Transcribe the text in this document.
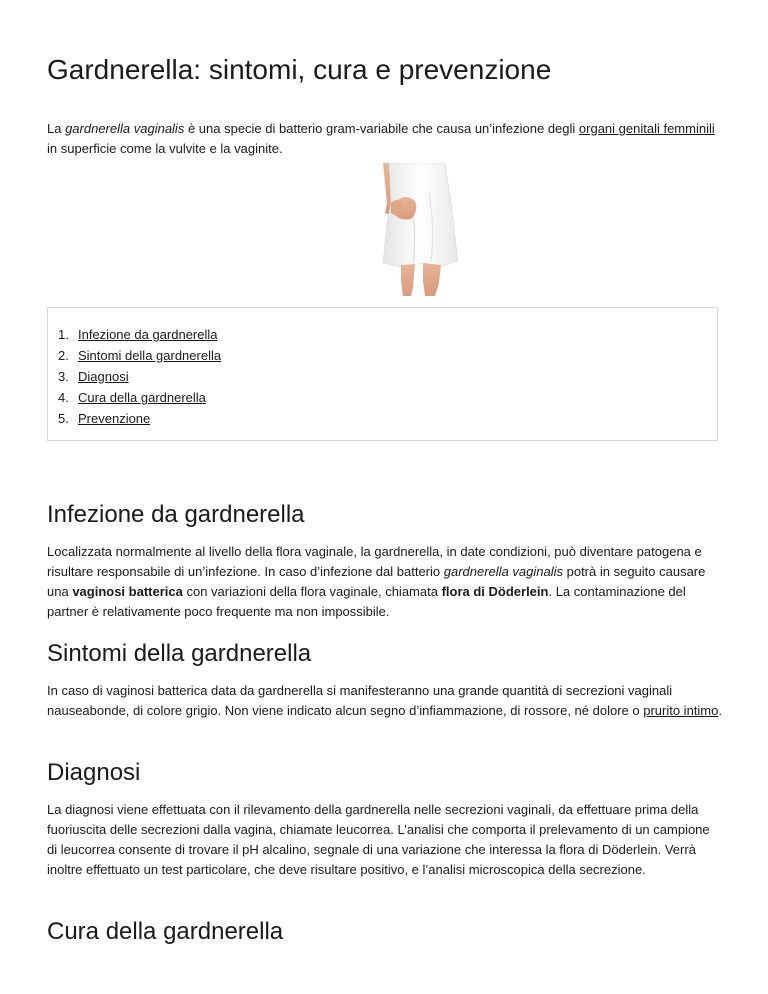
Gardnerella: sintomi, cura e prevenzione

La gardnerella vaginalis è una specie di batterio gram-variabile che causa un’infezione degli organi genitali femminili in superficie come la vulvite e la vaginite.

1. Infezione da gardnerella
2. Sintomi della gardnerella
3. Diagnosi
4. Cura della gardnerella
5. Prevenzione
Infezione da gardnerella

Localizzata normalmente al livello della flora vaginale, la gardnerella, in date condizioni, può diventare patogena e risultare responsabile di un’infezione. In caso d’infezione dal batterio gardnerella vaginalis potrà in seguito causare una vaginosi batterica con variazioni della flora vaginale, chiamata flora di Döderlein. La contaminazione del partner è relativamente poco frequente ma non impossibile.

Sintomi della gardnerella

In caso di vaginosi batterica data da gardnerella si manifesteranno una grande quantità di secrezioni vaginali nauseabonde, di colore grigio. Non viene indicato alcun segno d’infiammazione, di rossore, né dolore o prurito intimo.

Diagnosi

La diagnosi viene effettuata con il rilevamento della gardnerella nelle secrezioni vaginali, da effettuare prima della fuoriuscita delle secrezioni dalla vagina, chiamate leucorrea. L’analisi che comporta il prelevamento di un campione di leucorrea consente di trovare il pH alcalino, segnale di una variazione che interessa la flora di Döderlein. Verrà inoltre effettuato un test particolare, che deve risultare positivo, e l’analisi microscopica della secrezione.

Cura della gardnerella
